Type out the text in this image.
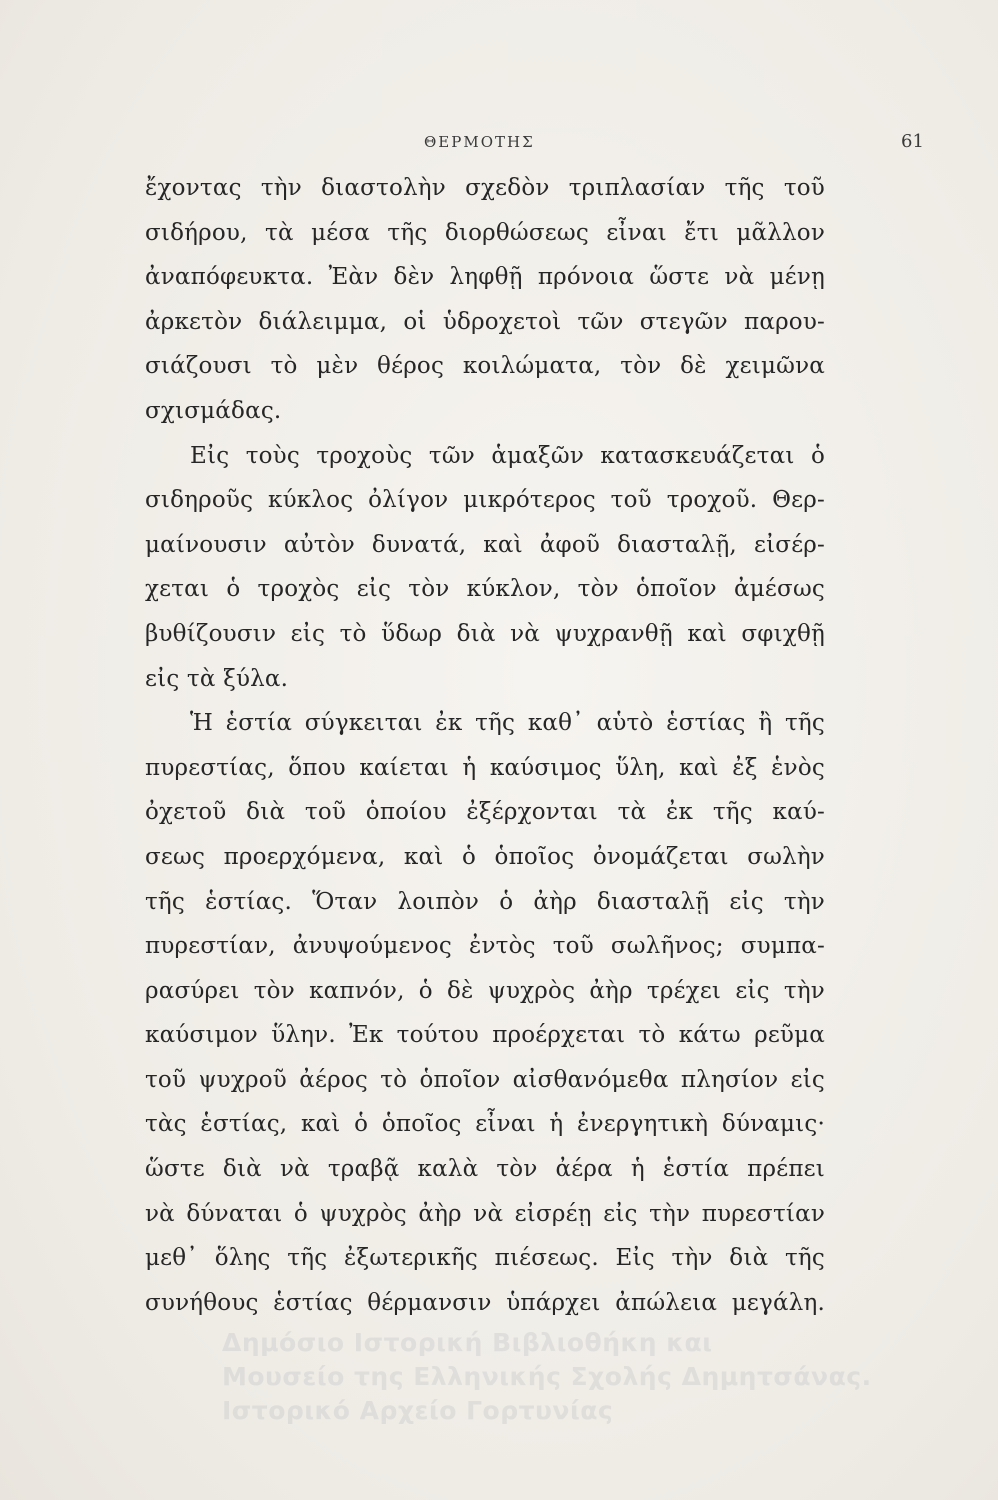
ΘΕΡΜΟΤΗΣ	61
ἔχοντας τὴν διαστολὴν σχεδὸν τριπλασίαν τῆς τοῦ
σιδήρου, τὰ μέσα τῆς διορθώσεως εἶναι ἔτι μᾶλλον
ἀναπόφευκτα. Ἐὰν δὲν ληφθῇ πρόνοια ὥστε νὰ μένῃ
ἀρκετὸν διάλειμμα, οἱ ὑδροχετοὶ τῶν στεγῶν παρου-
σιάζουσι τὸ μὲν θέρος κοιλώματα, τὸν δὲ χειμῶνα
σχισμάδας.
Εἰς τοὺς τροχοὺς τῶν ἁμαξῶν κατασκευάζεται ὁ
σιδηροῦς κύκλος ὀλίγον μικρότερος τοῦ τροχοῦ. Θερ-
μαίνουσιν αὐτὸν δυνατά, καὶ ἀφοῦ διασταλῇ, εἰσέρ-
χεται ὁ τροχὸς εἰς τὸν κύκλον, τὸν ὁποῖον ἀμέσως
βυθίζουσιν εἰς τὸ ὕδωρ διὰ νὰ ψυχρανθῇ καὶ σφιχθῇ
εἰς τὰ ξύλα.
Ἡ ἑστία σύγκειται ἐκ τῆς καθ᾽ αὑτὸ ἑστίας ἢ τῆς
πυρεστίας, ὅπου καίεται ἡ καύσιμος ὕλη, καὶ ἐξ ἑνὸς
ὀχετοῦ διὰ τοῦ ὁποίου ἐξέρχονται τὰ ἐκ τῆς καύ-
σεως προερχόμενα, καὶ ὁ ὁποῖος ὀνομάζεται σωλὴν
τῆς ἑστίας. Ὅταν λοιπὸν ὁ ἀὴρ διασταλῇ εἰς τὴν
πυρεστίαν, ἀνυψούμενος ἐντὸς τοῦ σωλῆνος; συμπα-
ρασύρει τὸν καπνόν, ὁ δὲ ψυχρὸς ἀὴρ τρέχει εἰς τὴν
καύσιμον ὕλην. Ἐκ τούτου προέρχεται τὸ κάτω ρεῦμα
τοῦ ψυχροῦ ἀέρος τὸ ὁποῖον αἰσθανόμεθα πλησίον εἰς
τὰς ἑστίας, καὶ ὁ ὁποῖος εἶναι ἡ ἐνεργητικὴ δύναμις·
ὥστε διὰ νὰ τραβᾷ καλὰ τὸν ἀέρα ἡ ἑστία πρέπει
νὰ δύναται ὁ ψυχρὸς ἀὴρ νὰ εἰσρέῃ εἰς τὴν πυρεστίαν
μεθ᾽ ὅλης τῆς ἐξωτερικῆς πιέσεως. Εἰς τὴν διὰ τῆς
συνήθους ἑστίας θέρμανσιν ὑπάρχει ἀπώλεια μεγάλη.
Δημόσιο Ιστορική Βιβλιοθήκη και
Μουσείο της Ελληνικής Σχολής Δημητσάνας.
Ιστορικό Αρχείο Γορτυνίας
